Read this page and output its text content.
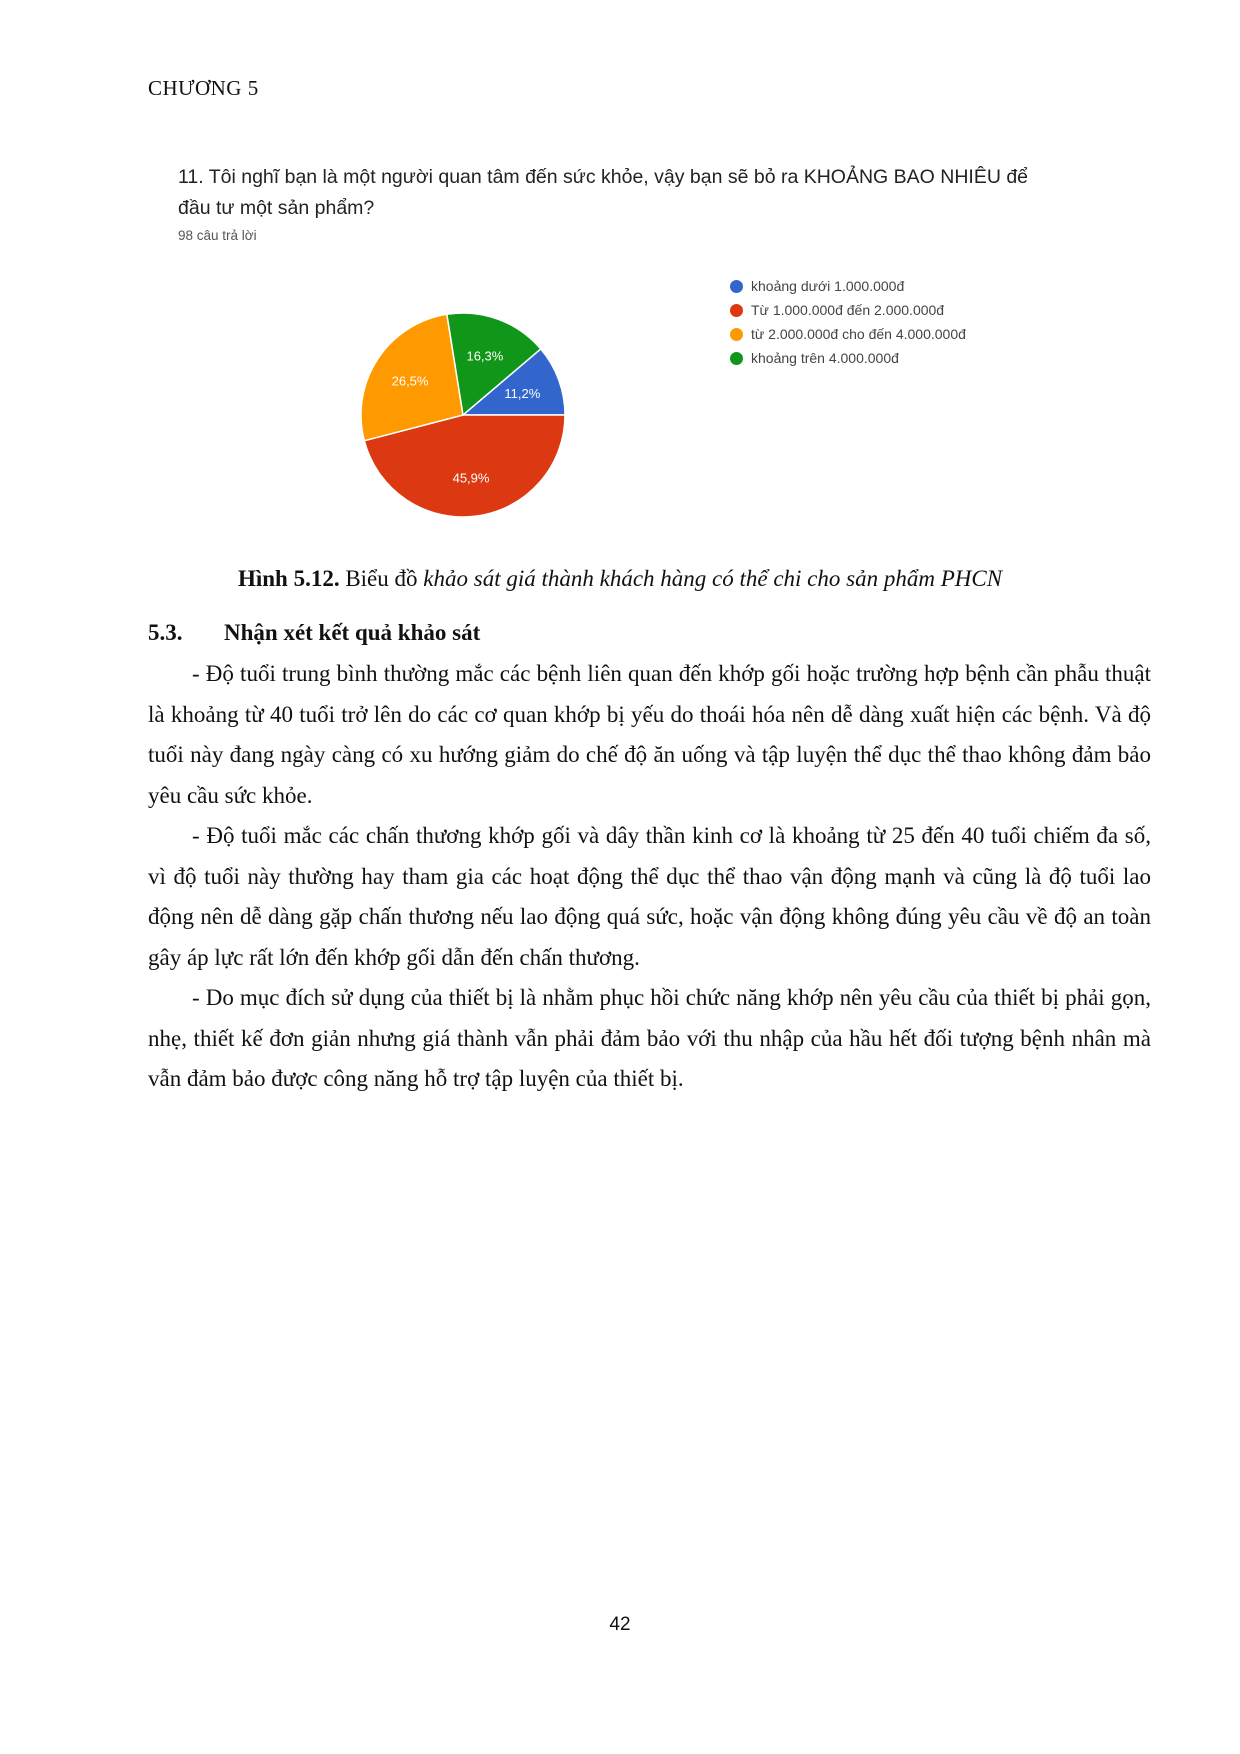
CHƯƠNG 5
11. Tôi nghĩ bạn là một người quan tâm đến sức khỏe, vậy bạn sẽ bỏ ra KHOẢNG BAO NHIÊU để đầu tư một sản phẩm?
98 câu trả lời
11,2%
45,9%
26,5%
16,3%
khoảng dưới 1.000.000đ
Từ 1.000.000đ đến 2.000.000đ
từ 2.000.000đ cho đến 4.000.000đ
khoảng trên 4.000.000đ
Hình 5.12. Biểu đồ khảo sát giá thành khách hàng có thể chi cho sản phẩm PHCN
5.3.	Nhận xét kết quả khảo sát

- Độ tuổi trung bình thường mắc các bệnh liên quan đến khớp gối hoặc trường hợp bệnh cần phẫu thuật là khoảng từ 40 tuổi trở lên do các cơ quan khớp bị yếu do thoái hóa nên dễ dàng xuất hiện các bệnh. Và độ tuổi này đang ngày càng có xu hướng giảm do chế độ ăn uống và tập luyện thể dục thể thao không đảm bảo yêu cầu sức khỏe.

- Độ tuổi mắc các chấn thương khớp gối và dây thần kinh cơ là khoảng từ 25 đến 40 tuổi chiếm đa số, vì độ tuổi này thường hay tham gia các hoạt động thể dục thể thao vận động mạnh và cũng là độ tuổi lao động nên dễ dàng gặp chấn thương nếu lao động quá sức, hoặc vận động không đúng yêu cầu về độ an toàn gây áp lực rất lớn đến khớp gối dẫn đến chấn thương.

- Do mục đích sử dụng của thiết bị là nhằm phục hồi chức năng khớp nên yêu cầu của thiết bị phải gọn, nhẹ, thiết kế đơn giản nhưng giá thành vẫn phải đảm bảo với thu nhập của hầu hết đối tượng bệnh nhân mà vẫn đảm bảo được công năng hỗ trợ tập luyện của thiết bị.

42
